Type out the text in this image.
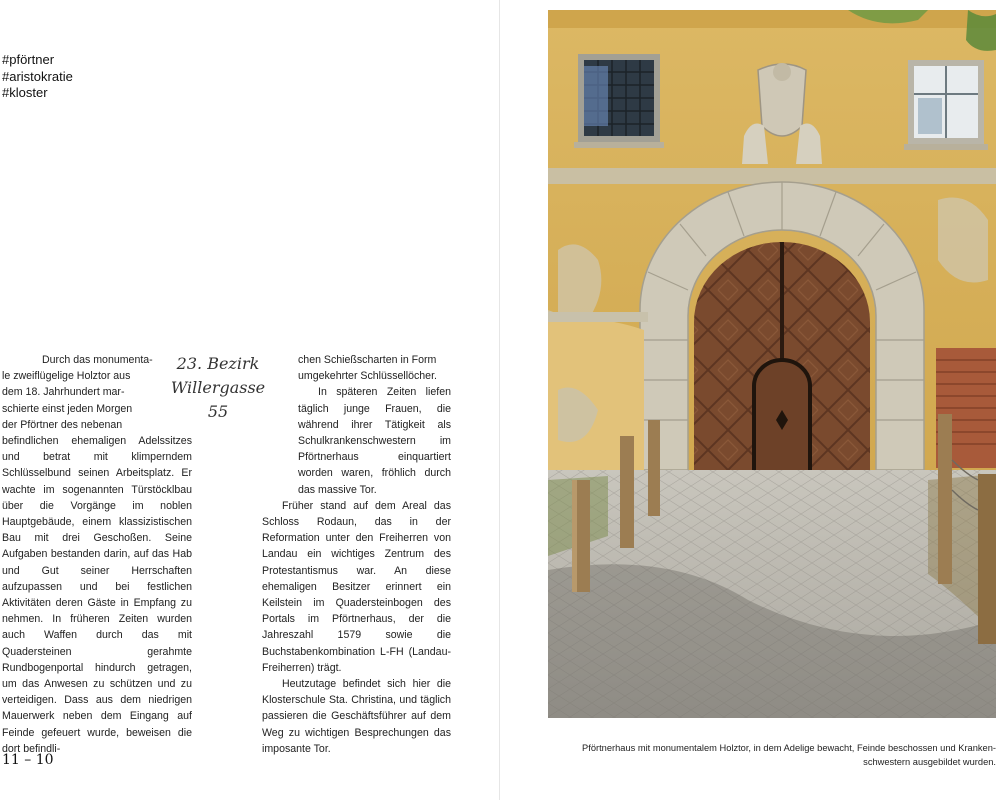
#pförtner
#aristokratie
#kloster
Durch das monumenta-
le zweiflügelige Holztor aus
dem 18. Jahrhundert mar-
schierte einst jeden Morgen
der Pförtner des nebenan

befindlichen ehemaligen Adelssitzes und betrat mit klimperndem Schlüsselbund seinen Arbeitsplatz. Er wachte im sogenannten Türstöcklbau über die Vorgänge im noblen Hauptgebäude, einem klassizistischen Bau mit drei Geschoßen. Seine Aufgaben bestanden darin, auf das Hab und Gut seiner Herrschaften aufzupassen und bei festlichen Aktivitäten deren Gäste in Empfang zu nehmen. In früheren Zeiten wurden auch Waffen durch das mit Quadersteinen gerahmte Rundbogenportal hindurch getragen, um das Anwesen zu schützen und zu verteidigen. Dass aus dem niedrigen Mauerwerk neben dem Eingang auf Feinde gefeuert wurde, beweisen die dort befindli-

23. Bezirk
Willergasse
55
chen Schießscharten in Form
umgekehrter Schlüssellöcher.

In späteren Zeiten liefen täglich junge Frauen, die während ihrer Tätigkeit als Schulkrankenschwestern im Pförtnerhaus einquartiert worden waren, fröhlich durch das massive Tor.

Früher stand auf dem Areal das Schloss Rodaun, das in der Reformation unter den Freiherren von Landau ein wichtiges Zentrum des Protestantismus war. An diese ehemaligen Besitzer erinnert ein Keilstein im Quadersteinbogen des Portals im Pförtnerhaus, der die Jahreszahl 1579 sowie die Buchstabenkombination L-FH (Landau-Freiherren) trägt.

Heutzutage befindet sich hier die Klosterschule Sta. Christina, und täglich passieren die Geschäftsführer auf dem Weg zu wichtigen Besprechungen das imposante Tor.

11 – 10
Pförtnerhaus mit monumentalem Holztor, in dem Adelige bewacht, Feinde beschossen und Kranken-
schwestern ausgebildet wurden.
